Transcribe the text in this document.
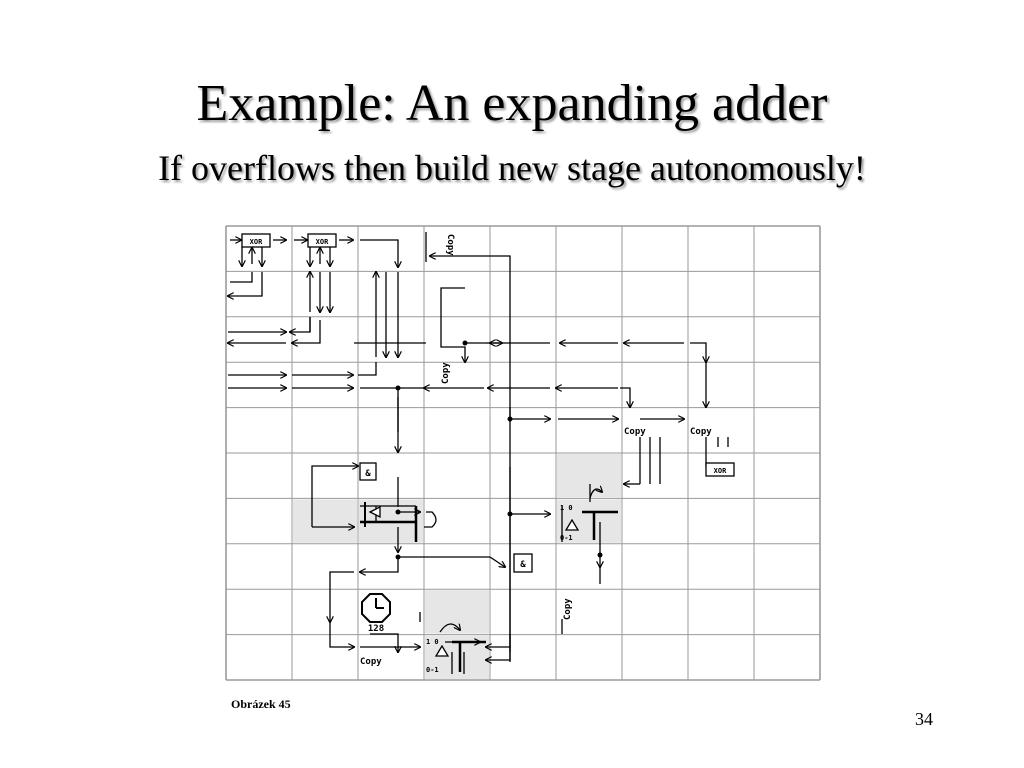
Example: An expanding adder
If overflows then build new stage autonomously!
XOR	XOR
XOR
Copy
Copy
Copy	Copy
Copy
Copy
&
&
1 0
0-1
1 0
0-1
128
Obrázek 45
34
